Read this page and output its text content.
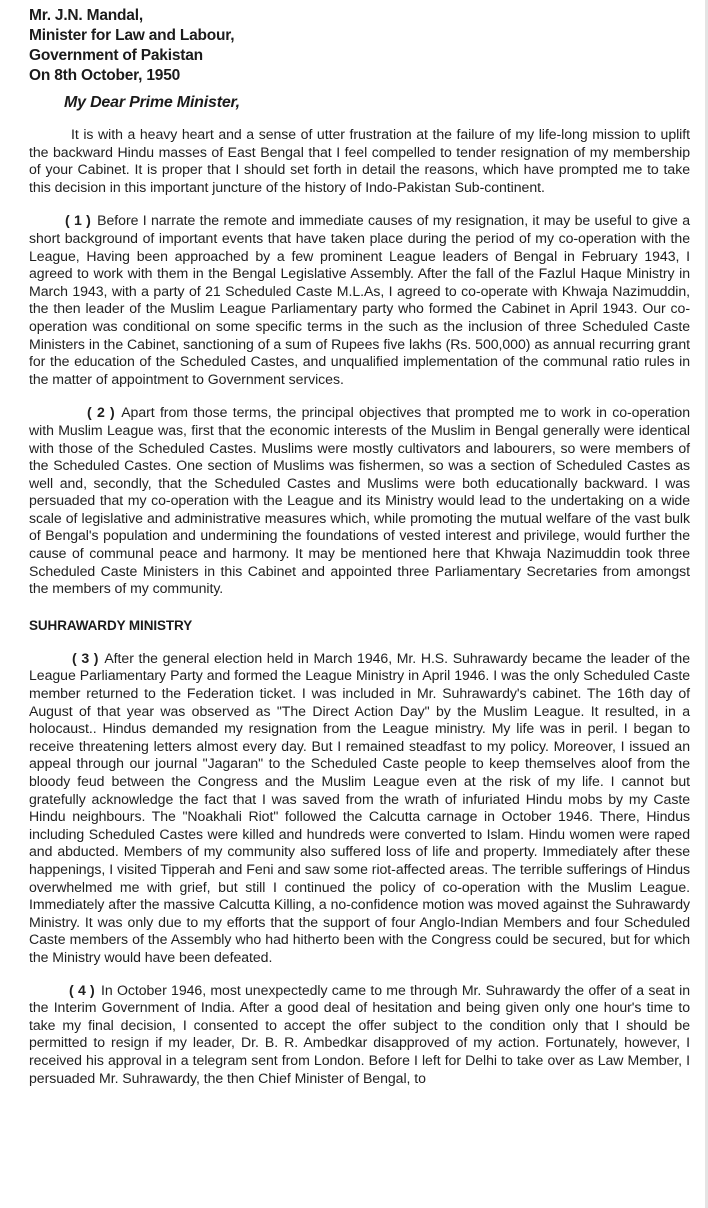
Mr. J.N. Mandal,
Minister for Law and Labour,
Government of Pakistan
On 8th October, 1950
My Dear Prime Minister,

It is with a heavy heart and a sense of utter frustration at the failure of my life-long mission to uplift the backward Hindu masses of East Bengal that I feel compelled to tender resignation of my membership of your Cabinet. It is proper that I should set forth in detail the reasons, which have prompted me to take this decision in this important juncture of the history of Indo-Pakistan Sub-continent.

( 1 ) Before I narrate the remote and immediate causes of my resignation, it may be useful to give a short background of important events that have taken place during the period of my co-operation with the League, Having been approached by a few prominent League leaders of Bengal in February 1943, I agreed to work with them in the Bengal Legislative Assembly. After the fall of the Fazlul Haque Ministry in March 1943, with a party of 21 Scheduled Caste M.L.As, I agreed to co-operate with Khwaja Nazimuddin, the then leader of the Muslim League Parliamentary party who formed the Cabinet in April 1943. Our co-operation was conditional on some specific terms in the such as the inclusion of three Scheduled Caste Ministers in the Cabinet, sanctioning of a sum of Rupees five lakhs (Rs. 500,000) as annual recurring grant for the education of the Scheduled Castes, and unqualified implementation of the communal ratio rules in the matter of appointment to Government services.

( 2 ) Apart from those terms, the principal objectives that prompted me to work in co-operation with Muslim League was, first that the economic interests of the Muslim in Bengal generally were identical with those of the Scheduled Castes. Muslims were mostly cultivators and labourers, so were members of the Scheduled Castes. One section of Muslims was fishermen, so was a section of Scheduled Castes as well and, secondly, that the Scheduled Castes and Muslims were both educationally backward. I was persuaded that my co-operation with the League and its Ministry would lead to the undertaking on a wide scale of legislative and administrative measures which, while promoting the mutual welfare of the vast bulk of Bengal's population and undermining the foundations of vested interest and privilege, would further the cause of communal peace and harmony. It may be mentioned here that Khwaja Nazimuddin took three Scheduled Caste Ministers in this Cabinet and appointed three Parliamentary Secretaries from amongst the members of my community.

SUHRAWARDY MINISTRY

( 3 ) After the general election held in March 1946, Mr. H.S. Suhrawardy became the leader of the League Parliamentary Party and formed the League Ministry in April 1946. I was the only Scheduled Caste member returned to the Federation ticket. I was included in Mr. Suhrawardy's cabinet. The 16th day of August of that year was observed as "The Direct Action Day" by the Muslim League. It resulted, in a holocaust.. Hindus demanded my resignation from the League ministry. My life was in peril. I began to receive threatening letters almost every day. But I remained steadfast to my policy. Moreover, I issued an appeal through our journal "Jagaran" to the Scheduled Caste people to keep themselves aloof from the bloody feud between the Congress and the Muslim League even at the risk of my life. I cannot but gratefully acknowledge the fact that I was saved from the wrath of infuriated Hindu mobs by my Caste Hindu neighbours. The "Noakhali Riot" followed the Calcutta carnage in October 1946. There, Hindus including Scheduled Castes were killed and hundreds were converted to Islam. Hindu women were raped and abducted. Members of my community also suffered loss of life and property. Immediately after these happenings, I visited Tipperah and Feni and saw some riot-affected areas. The terrible sufferings of Hindus overwhelmed me with grief, but still I continued the policy of co-operation with the Muslim League. Immediately after the massive Calcutta Killing, a no-confidence motion was moved against the Suhrawardy Ministry. It was only due to my efforts that the support of four Anglo-Indian Members and four Scheduled Caste members of the Assembly who had hitherto been with the Congress could be secured, but for which the Ministry would have been defeated.

( 4 ) In October 1946, most unexpectedly came to me through Mr. Suhrawardy the offer of a seat in the Interim Government of India. After a good deal of hesitation and being given only one hour's time to take my final decision, I consented to accept the offer subject to the condition only that I should be permitted to resign if my leader, Dr. B. R. Ambedkar disapproved of my action. Fortunately, however, I received his approval in a telegram sent from London. Before I left for Delhi to take over as Law Member, I persuaded Mr. Suhrawardy, the then Chief Minister of Bengal, to
